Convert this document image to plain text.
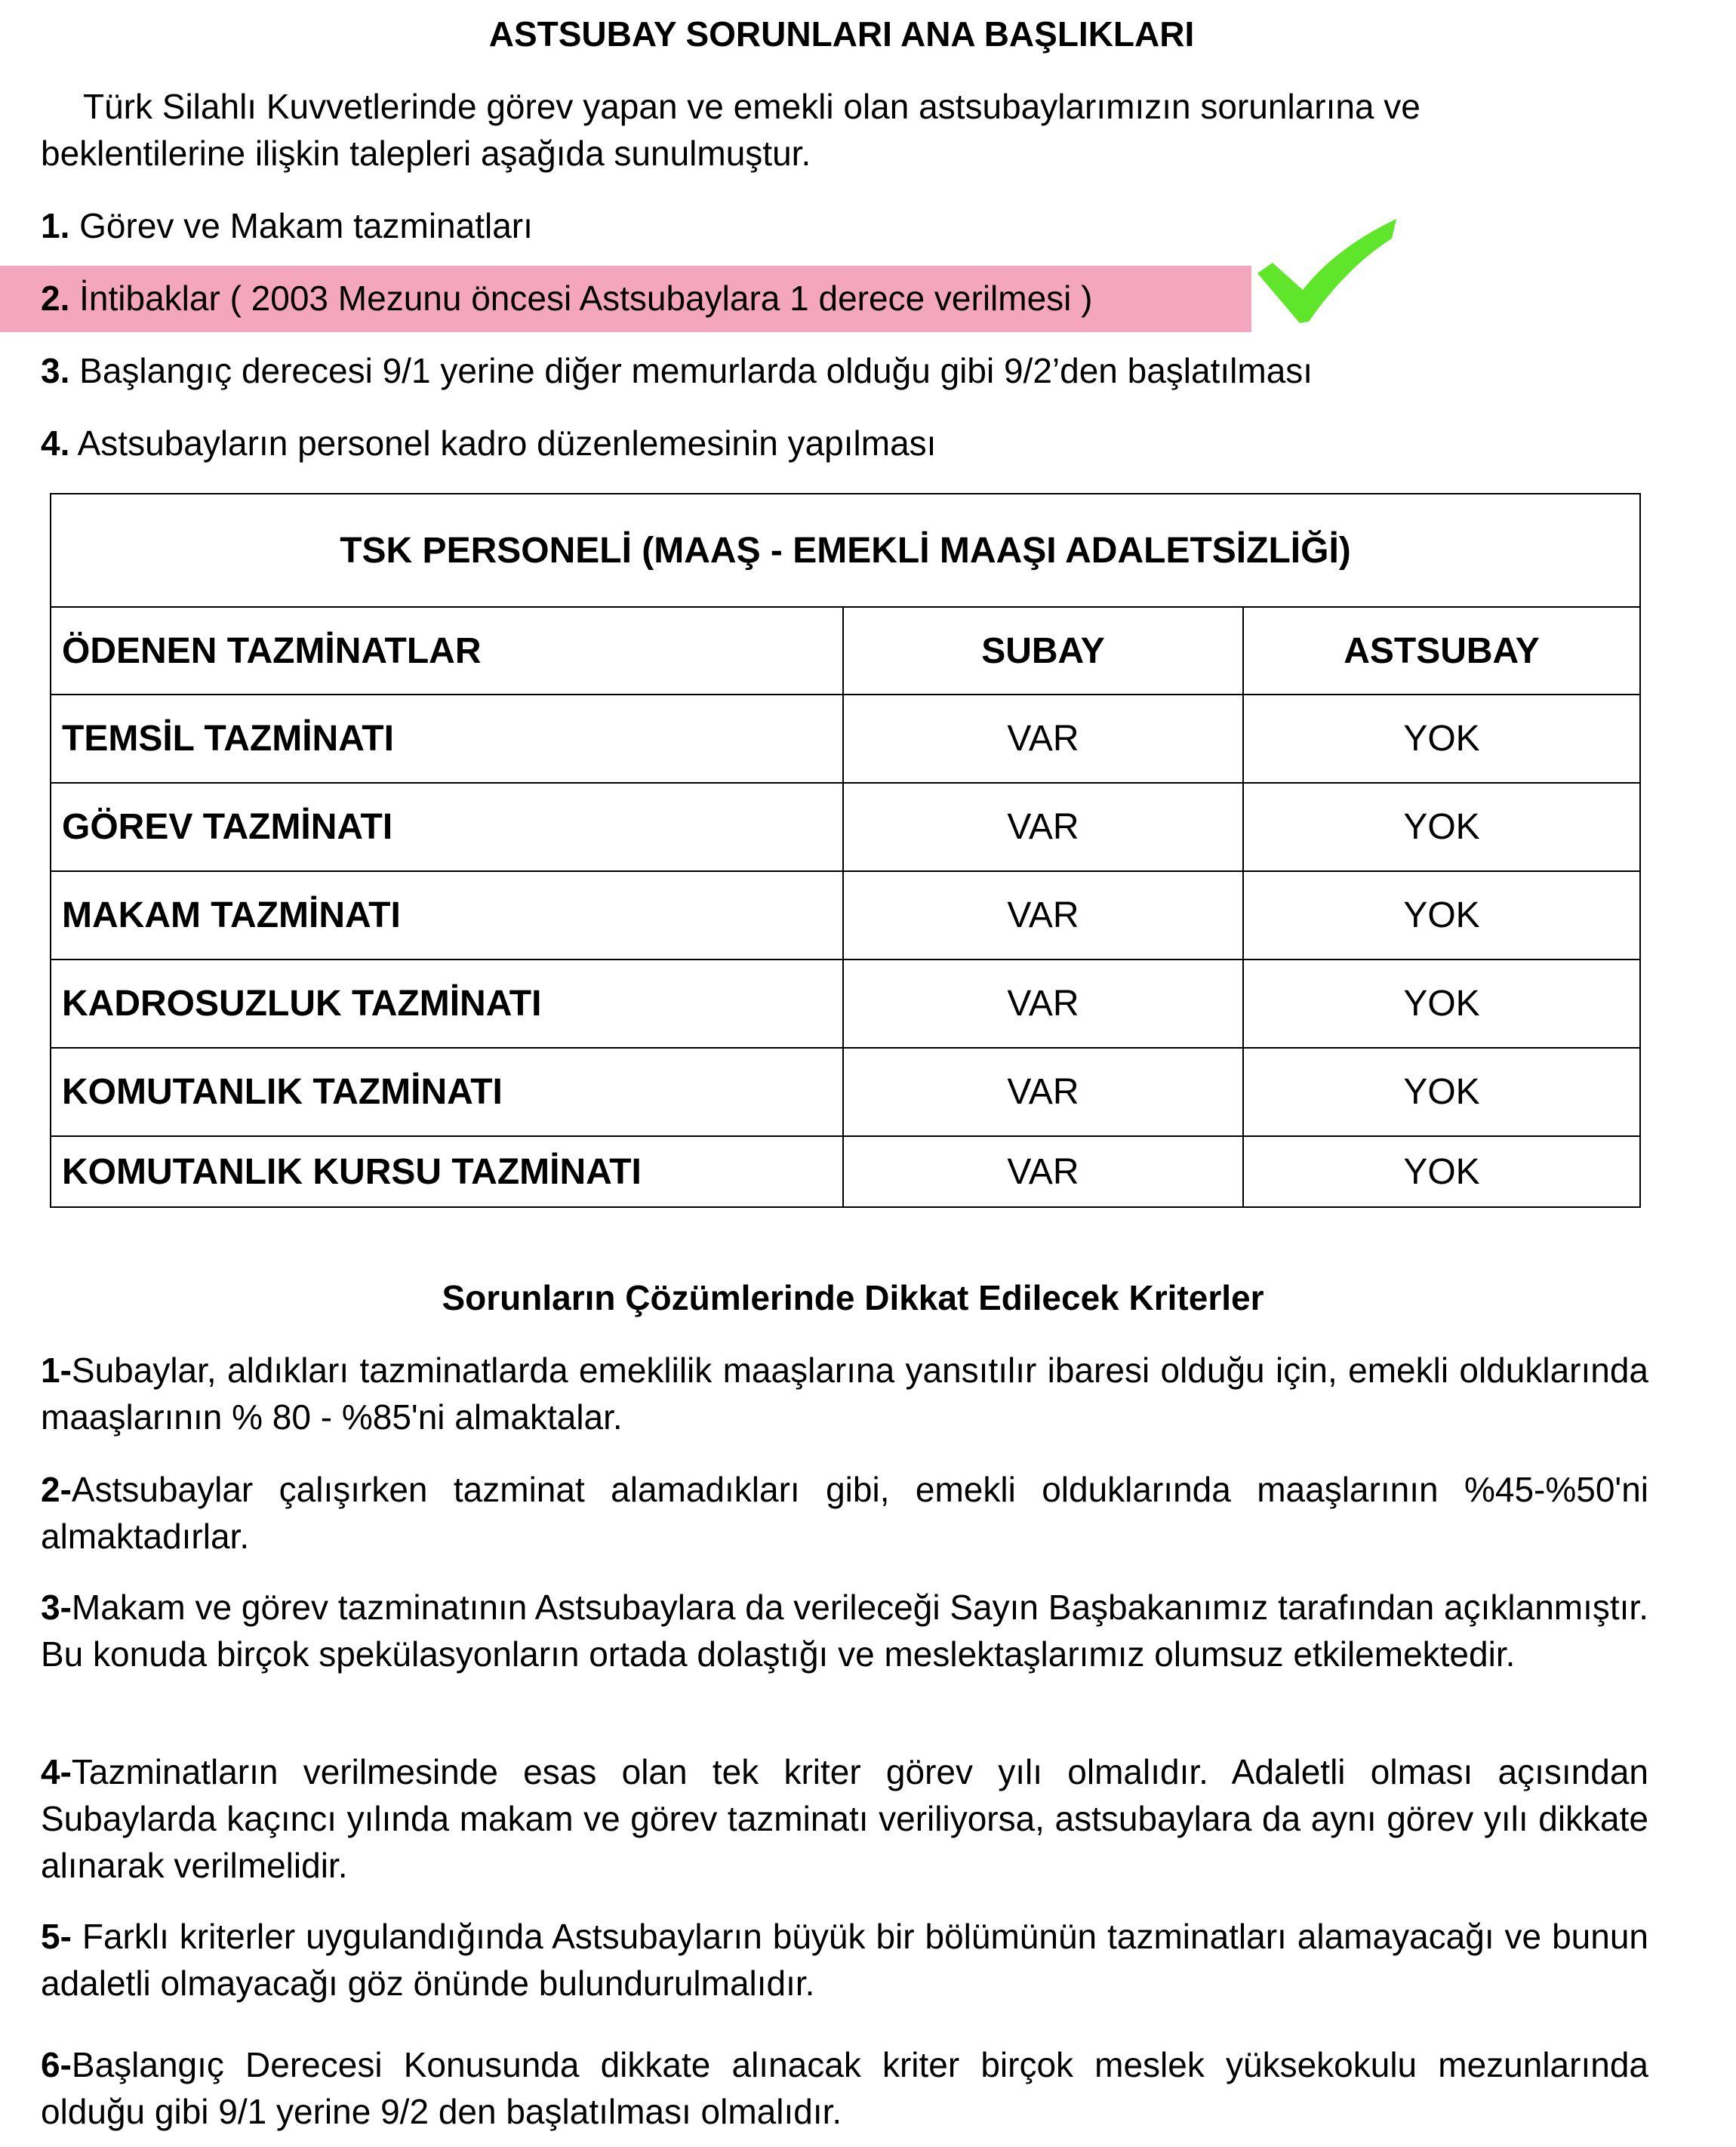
ASTSUBAY SORUNLARI ANA BAŞLIKLARI

Türk Silahlı Kuvvetlerinde görev yapan ve emekli olan astsubaylarımızın sorunlarına ve beklentilerine ilişkin talepleri aşağıda sunulmuştur.

1. Görev ve Makam tazminatları
2. İntibaklar ( 2003 Mezunu öncesi Astsubaylara 1 derece verilmesi )
3. Başlangıç derecesi 9/1 yerine diğer memurlarda olduğu gibi 9/2’den başlatılması
4. Astsubayların personel kadro düzenlemesinin yapılması
TSK PERSONELİ (MAAŞ - EMEKLİ MAAŞI ADALETSİZLİĞİ)		
ÖDENEN TAZMİNATLAR	SUBAY	ASTSUBAY
TEMSİL TAZMİNATI	VAR	YOK
GÖREV TAZMİNATI	VAR	YOK
MAKAM TAZMİNATI	VAR	YOK
KADROSUZLUK TAZMİNATI	VAR	YOK
KOMUTANLIK TAZMİNATI	VAR	YOK
KOMUTANLIK KURSU TAZMİNATI	VAR	YOK
Sorunların Çözümlerinde Dikkat Edilecek Kriterler

1-Subaylar, aldıkları tazminatlarda emeklilik maaşlarına yansıtılır ibaresi olduğu için, emekli olduklarında maaşlarının % 80 - %85'ni almaktalar.

2-Astsubaylar çalışırken tazminat alamadıkları gibi, emekli olduklarında maaşlarının %45-%50'ni almaktadırlar.

3-Makam ve görev tazminatının Astsubaylara da verileceği Sayın Başbakanımız tarafından açıklanmıştır. Bu konuda birçok spekülasyonların ortada dolaştığı ve meslektaşlarımız olumsuz etkilemektedir.

4-Tazminatların verilmesinde esas olan tek kriter görev yılı olmalıdır. Adaletli olması açısından Subaylarda kaçıncı yılında makam ve görev tazminatı veriliyorsa, astsubaylara da aynı görev yılı dikkate alınarak verilmelidir.

5- Farklı kriterler uygulandığında Astsubayların büyük bir bölümünün tazminatları alamayacağı ve bunun adaletli olmayacağı göz önünde bulundurulmalıdır.

6-Başlangıç Derecesi Konusunda dikkate alınacak kriter birçok meslek yüksekokulu mezunlarında olduğu gibi 9/1 yerine 9/2 den başlatılması olmalıdır.
